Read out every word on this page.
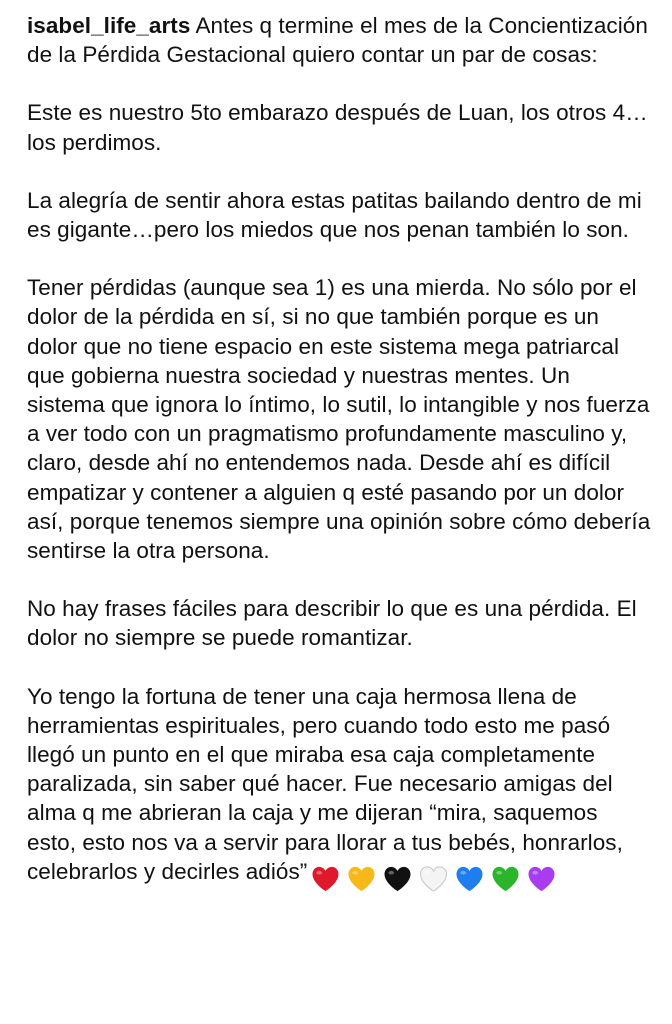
isabel_life_arts Antes q termine el mes de la Concientización de la Pérdida Gestacional quiero contar un par de cosas:

Este es nuestro 5to embarazo después de Luan, los otros 4…los perdimos.

La alegría de sentir ahora estas patitas bailando dentro de mi es gigante…pero los miedos que nos penan también lo son.

Tener pérdidas (aunque sea 1) es una mierda. No sólo por el dolor de la pérdida en sí, si no que también porque es un dolor que no tiene espacio en este sistema mega patriarcal que gobierna nuestra sociedad y nuestras mentes. Un sistema que ignora lo íntimo, lo sutil, lo intangible y nos fuerza a ver todo con un pragmatismo profundamente masculino y, claro, desde ahí no entendemos nada. Desde ahí es difícil empatizar y contener a alguien q esté pasando por un dolor así, porque tenemos siempre una opinión sobre cómo debería sentirse la otra persona.

No hay frases fáciles para describir lo que es una pérdida. El dolor no siempre se puede romantizar.

Yo tengo la fortuna de tener una caja hermosa llena de herramientas espirituales, pero cuando todo esto me pasó llegó un punto en el que miraba esa caja completamente paralizada, sin saber qué hacer. Fue necesario amigas del alma q me abrieran la caja y me dijeran “mira, saquemos esto, esto nos va a servir para llorar a tus bebés, honrarlos, celebrarlos y decirles adiós”
